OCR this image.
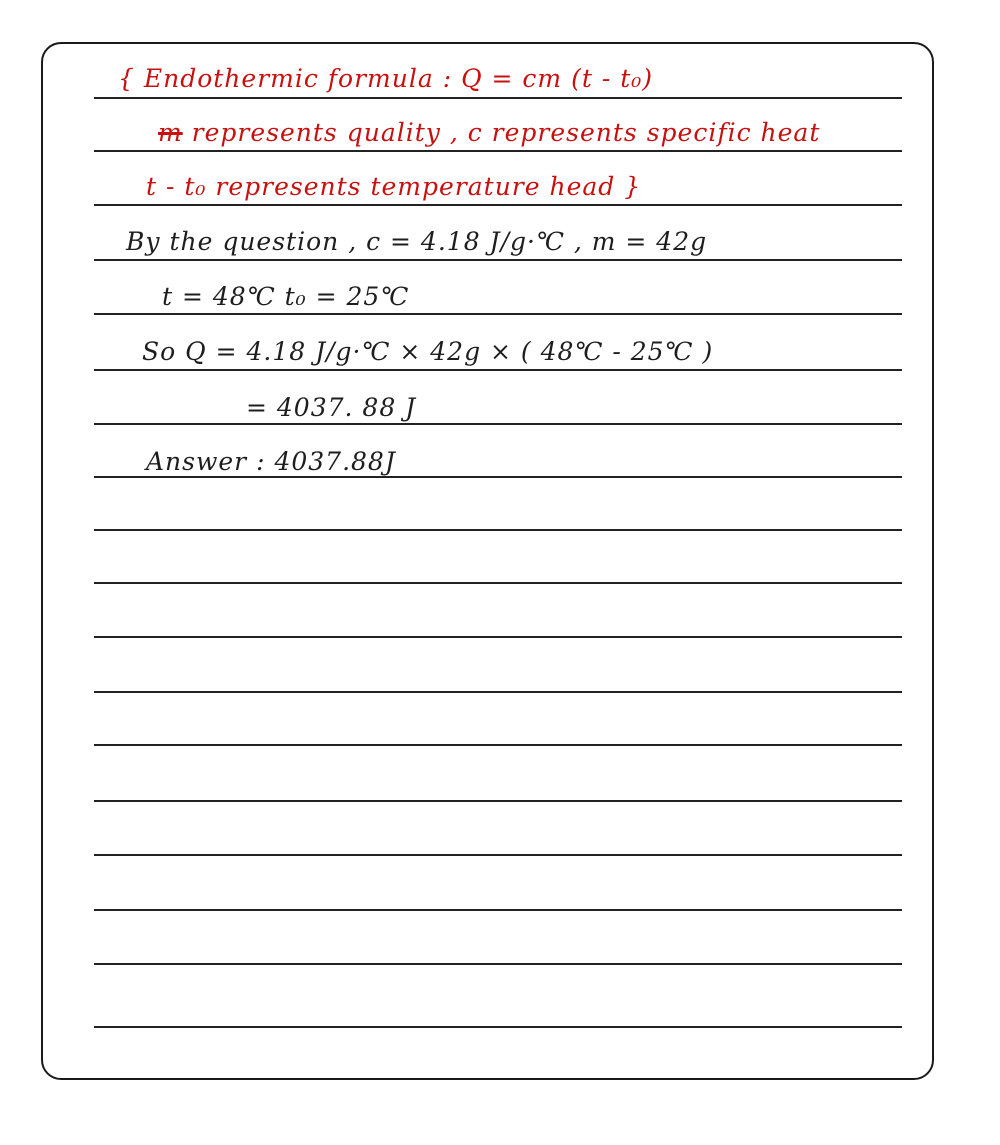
{ Endothermic formula : Q = cm (t - t₀)
m represents quality , c represents specific heat
t - t₀ represents temperature head }
By the question , c = 4.18 J/g·℃ , m = 42g
t = 48℃ t₀ = 25℃
So Q = 4.18 J/g·℃ × 42g × ( 48℃ - 25℃ )
= 4037. 88 J
Answer : 4037.88J
